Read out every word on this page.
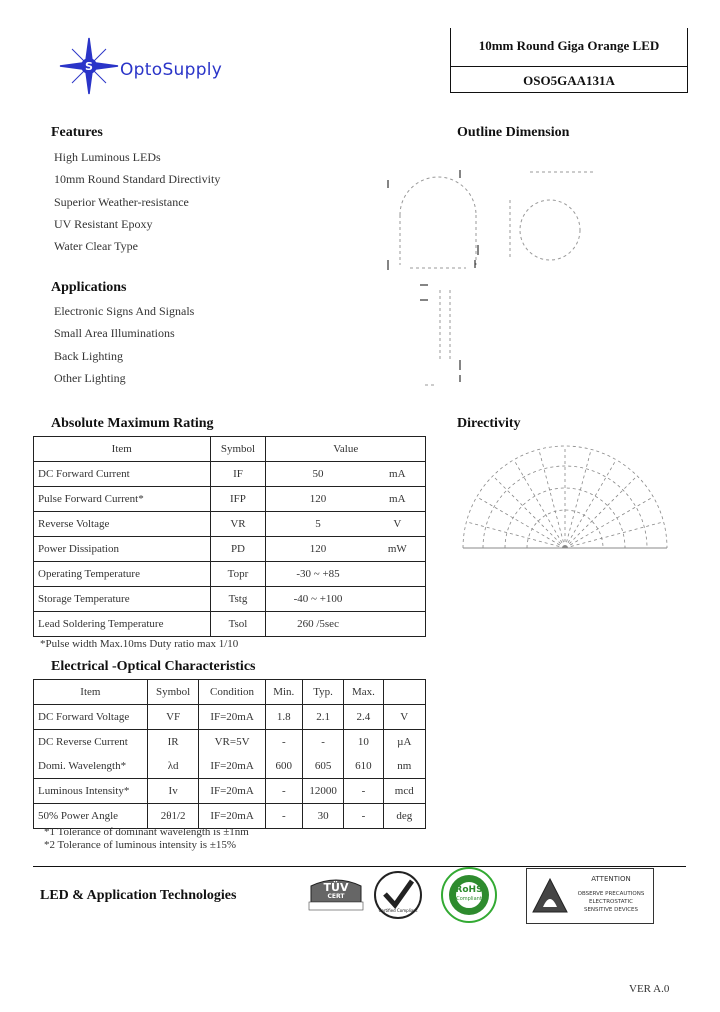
S OptoSupply
10mm Round Giga Orange LED
OSO5GAA131A
Features
High Luminous LEDs
10mm Round Standard Directivity
Superior Weather-resistance
UV Resistant Epoxy
Water Clear Type
Applications
Electronic Signs And Signals
Small Area Illuminations
Back Lighting
Other Lighting
Outline Dimension
Directivity
Absolute Maximum Rating
Item	Symbol	Value	
DC Forward Current	IF	50	mA
Pulse Forward Current*	IFP	120	mA
Reverse Voltage	VR	5	V
Power Dissipation	PD	120	mW
Operating Temperature	Topr	-30 ~ +85	
Storage Temperature	Tstg	-40 ~ +100	
Lead Soldering Temperature	Tsol	260 /5sec	
*Pulse width Max.10ms Duty ratio max 1/10
Electrical -Optical Characteristics
Item	Symbol	Condition	Min.	Typ.	Max.	
DC Forward Voltage	VF	IF=20mA	1.8	2.1	2.4	V
DC Reverse Current	IR	VR=5V	-	-	10	µA
Domi. Wavelength*	λd	IF=20mA	600	605	610	nm
Luminous Intensity*	Iv	IF=20mA	-	12000	-	mcd
50% Power Angle	2θ1/2	IF=20mA	-	30	-	deg
*1 Tolerance of dominant wavelength is ±1nm
*2 Tolerance of luminous intensity is ±15%
LED & Application Technologies
TÜV
CERT
Certified Compliant
RoHS
Compliant
ATTENTION
OBSERVE PRECAUTIONS
ELECTROSTATIC
SENSITIVE DEVICES
VER A.0
